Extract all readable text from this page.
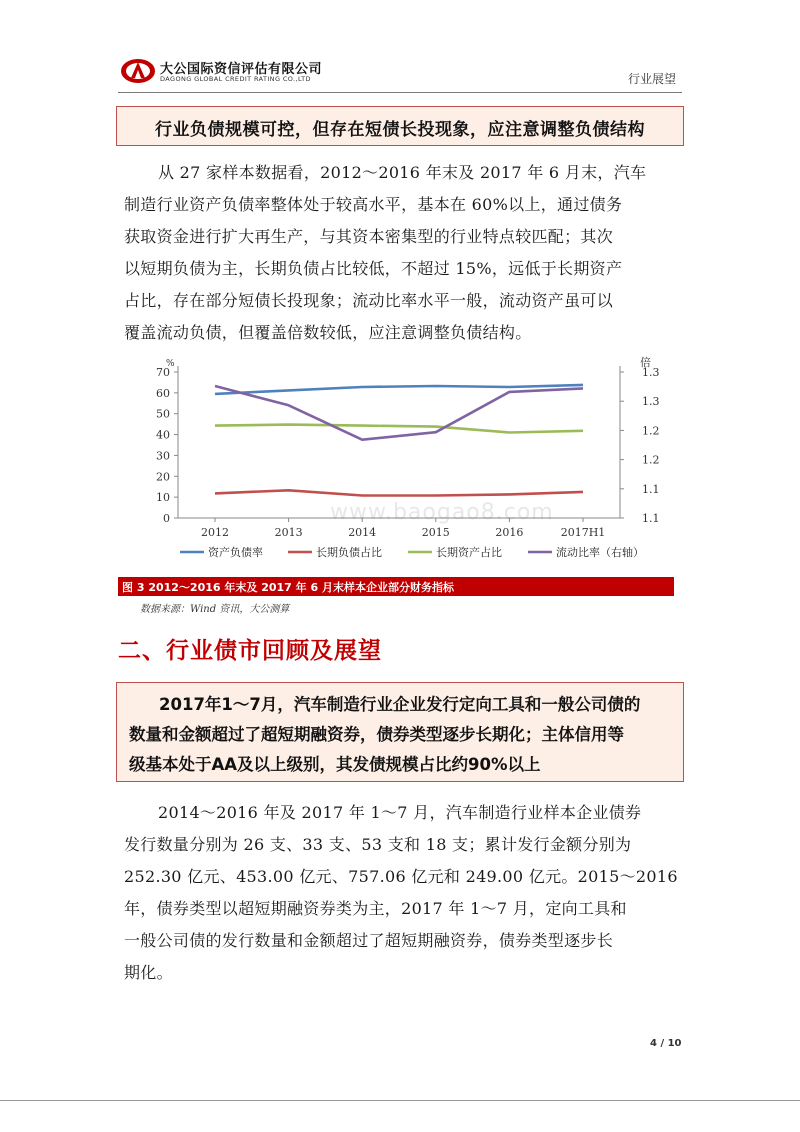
大公国际资信评估有限公司
DAGONG GLOBAL CREDIT RATING CO.,LTD	行业展望
行业负债规模可控，但存在短债长投现象，应注意调整负债结构
从 27 家样本数据看，2012～2016 年末及 2017 年 6 月末，汽车
制造行业资产负债率整体处于较高水平，基本在 60%以上，通过债务
获取资金进行扩大再生产，与其资本密集型的行业特点较匹配；其次
以短期负债为主，长期负债占比较低，不超过 15%，远低于长期资产
占比，存在部分短债长投现象；流动比率水平一般，流动资产虽可以
覆盖流动负债，但覆盖倍数较低，应注意调整负债结构。
%	倍
0
10
20
30
40
50
60
70
1.1
1.1
1.2
1.2
1.3
1.3
2012	2013	2014	2015	2016	2017H1
资产负债率	长期负债占比	长期资产占比	流动比率（右轴）
图 3 2012～2016 年末及 2017 年 6 月末样本企业部分财务指标
数据来源：Wind 资讯，大公测算
www.baogao8.com
二、行业债市回顾及展望
2017年1～7月，汽车制造行业企业发行定向工具和一般公司债的
数量和金额超过了超短期融资券，债券类型逐步长期化；主体信用等
级基本处于AA及以上级别，其发债规模占比约90%以上
2014～2016 年及 2017 年 1～7 月，汽车制造行业样本企业债券
发行数量分别为 26 支、33 支、53 支和 18 支；累计发行金额分别为
252.30 亿元、453.00 亿元、757.06 亿元和 249.00 亿元。2015～2016
年，债券类型以超短期融资券类为主，2017 年 1～7 月，定向工具和
一般公司债的发行数量和金额超过了超短期融资券，债券类型逐步长
期化。
4 / 10
